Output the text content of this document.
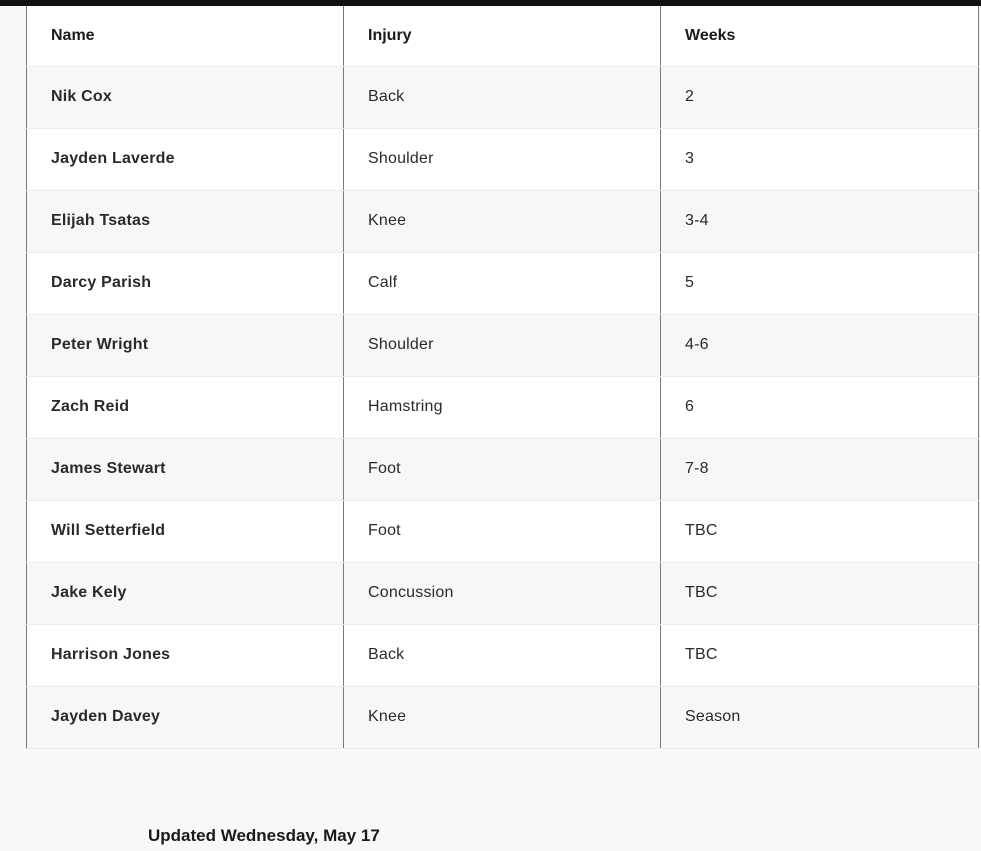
Name	Injury	Weeks
Nik Cox	Back	2
Jayden Laverde	Shoulder	3
Elijah Tsatas	Knee	3-4
Darcy Parish	Calf	5
Peter Wright	Shoulder	4-6
Zach Reid	Hamstring	6
James Stewart	Foot	7-8
Will Setterfield	Foot	TBC
Jake Kely	Concussion	TBC
Harrison Jones	Back	TBC
Jayden Davey	Knee	Season
Updated Wednesday, May 17
